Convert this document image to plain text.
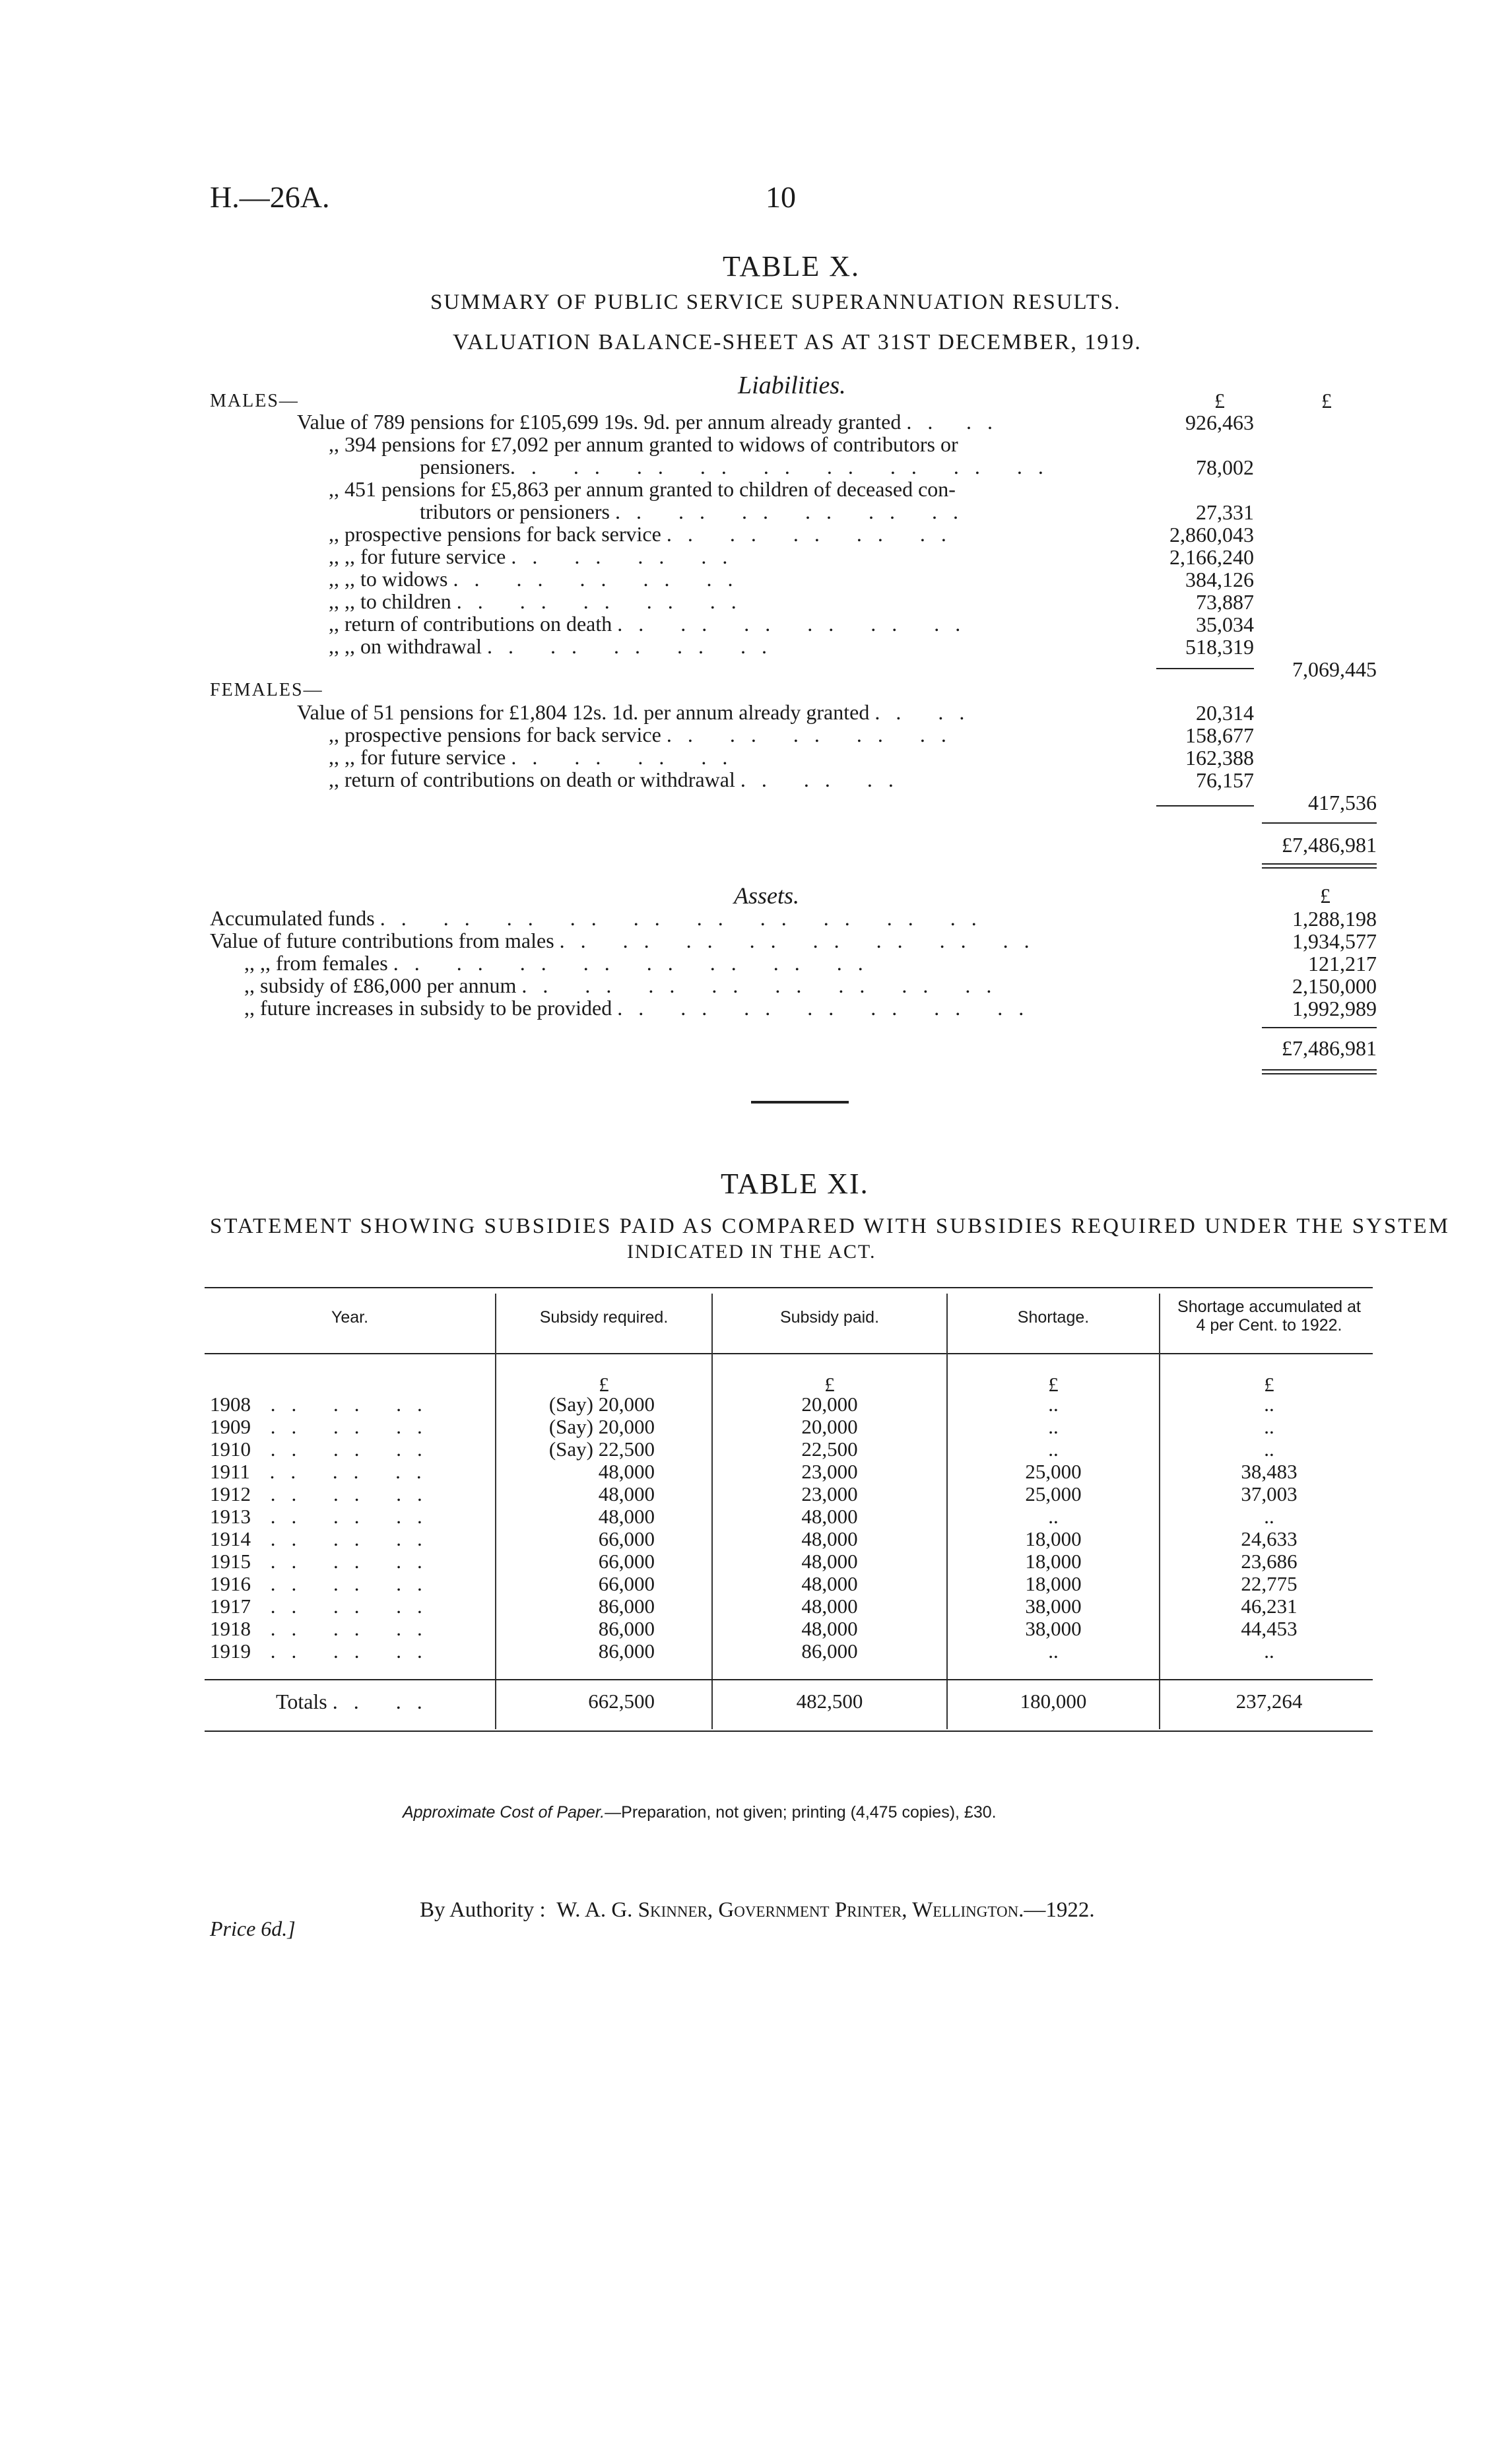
H.—26A.	10
TABLE X.
SUMMARY OF PUBLIC SERVICE SUPERANNUATION RESULTS.
VALUATION BALANCE-SHEET AS AT 31ST DECEMBER, 1919.
Liabilities.
£	£
MALES—
Value of 789 pensions for £105,699 19s. 9d. per annum already granted .. ..	926,463
,, 394 pensions for £7,092 per annum granted to widows of contributors or
pensioners.. .. .. .. .. .. .. .. ..	78,002
,, 451 pensions for £5,863 per annum granted to children of deceased con-
tributors or pensioners .. .. .. .. .. ..	27,331
,, prospective pensions for back service .. .. .. .. ..	2,860,043
,, ,, for future service .. .. .. ..	2,166,240
,, ,, to widows .. .. .. .. ..	384,126
,, ,, to children .. .. .. .. ..	73,887
,, return of contributions on death .. .. .. .. .. ..	35,034
,, ,, on withdrawal .. .. .. .. ..	518,319
7,069,445
FEMALES—
Value of 51 pensions for £1,804 12s. 1d. per annum already granted .. ..	20,314
,, prospective pensions for back service .. .. .. .. ..	158,677
,, ,, for future service .. .. .. ..	162,388
,, return of contributions on death or withdrawal .. .. ..	76,157
417,536
£7,486,981
Assets.	£
Accumulated funds .. .. .. .. .. .. .. .. .. ..	1,288,198
Value of future contributions from males .. .. .. .. .. .. .. ..	1,934,577
,, ,, from females .. .. .. .. .. .. .. ..	121,217
,, subsidy of £86,000 per annum .. .. .. .. .. .. .. ..	2,150,000
,, future increases in subsidy to be provided .. .. .. .. .. .. ..	1,992,989
£7,486,981
TABLE XI.
STATEMENT SHOWING SUBSIDIES PAID AS COMPARED WITH SUBSIDIES REQUIRED UNDER THE SYSTEM
INDICATED IN THE ACT.
Year.	Subsidy required.	Subsidy paid.	Shortage.
Shortage accumulated at
4 per Cent. to 1922.
£	£	£	£
1908 .. .. ..	(Say) 20,000	20,000	..	..
1909 .. .. ..	(Say) 20,000	20,000	..	..
1910 .. .. ..	(Say) 22,500	22,500	..	..
1911 .. .. ..	48,000	23,000	25,000	38,483
1912 .. .. ..	48,000	23,000	25,000	37,003
1913 .. .. ..	48,000	48,000	..	..
1914 .. .. ..	66,000	48,000	18,000	24,633
1915 .. .. ..	66,000	48,000	18,000	23,686
1916 .. .. ..	66,000	48,000	18,000	22,775
1917 .. .. ..	86,000	48,000	38,000	46,231
1918 .. .. ..	86,000	48,000	38,000	44,453
1919 .. .. ..	86,000	86,000	..	..
Totals .. ..	662,500	482,500	180,000	237,264
Approximate Cost of Paper.—Preparation, not given; printing (4,475 copies), £30.
By Authority : W. A. G. Skinner, Government Printer, Wellington.—1922.
Price 6d.]
